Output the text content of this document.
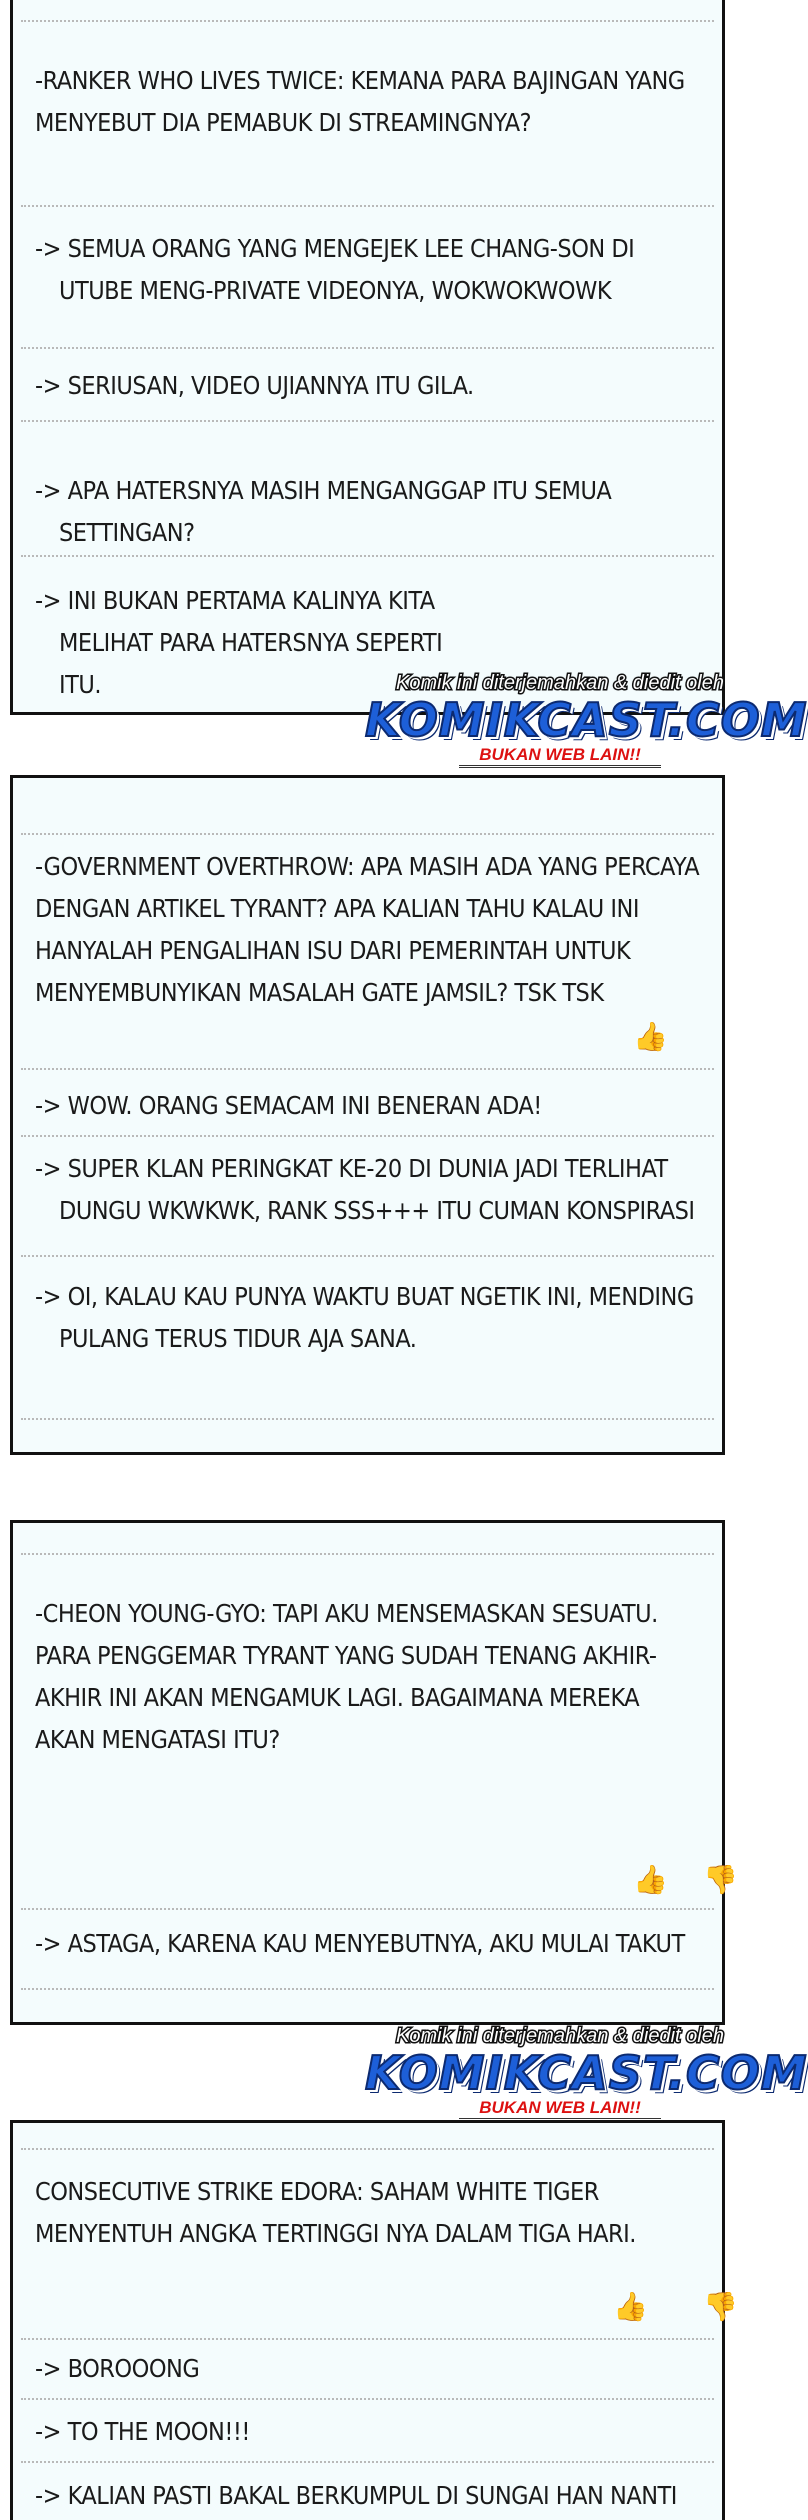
-RANKER WHO LIVES TWICE: KEMANA PARA BAJINGAN YANG MENYEBUT DIA PEMABUK DI STREAMINGNYA?
-> SEMUA ORANG YANG MENGEJEK LEE CHANG-SON DI UTUBE MENG-PRIVATE VIDEONYA, WOKWOKWOWK
-> SERIUSAN, VIDEO UJIANNYA ITU GILA.
-> APA HATERSNYA MASIH MENGANGGAP ITU SEMUA SETTINGAN?
-> INI BUKAN PERTAMA KALINYA KITA MELIHAT PARA HATERSNYA SEPERTI ITU.	Komik ini diterjemahkan & diedit oleh
KOMIKCAST.COM
BUKAN WEB LAIN!!
-GOVERNMENT OVERTHROW: APA MASIH ADA YANG PERCAYA DENGAN ARTIKEL TYRANT? APA KALIAN TAHU KALAU INI HANYALAH PENGALIHAN ISU DARI PEMERINTAH UNTUK MENYEMBUNYIKAN MASALAH GATE JAMSIL? TSK TSK
👍
-> WOW. ORANG SEMACAM INI BENERAN ADA!
-> SUPER KLAN PERINGKAT KE-20 DI DUNIA JADI TERLIHAT DUNGU WKWKWK, RANK SSS+++ ITU CUMAN KONSPIRASI
-> OI, KALAU KAU PUNYA WAKTU BUAT NGETIK INI, MENDING PULANG TERUS TIDUR AJA SANA.
-CHEON YOUNG-GYO: TAPI AKU MENSEMASKAN SESUATU. PARA PENGGEMAR TYRANT YANG SUDAH TENANG AKHIR-AKHIR INI AKAN MENGAMUK LAGI. BAGAIMANA MEREKA AKAN MENGATASI ITU?
👍 👎
-> ASTAGA, KARENA KAU MENYEBUTNYA, AKU MULAI TAKUT
Komik ini diterjemahkan & diedit oleh
KOMIKCAST.COM
BUKAN WEB LAIN!!
CONSECUTIVE STRIKE EDORA: SAHAM WHITE TIGER MENYENTUH ANGKA TERTINGGI NYA DALAM TIGA HARI.
👍 👎
-> BOROOONG
-> TO THE MOON!!!
-> KALIAN PASTI BAKAL BERKUMPUL DI SUNGAI HAN NANTI
